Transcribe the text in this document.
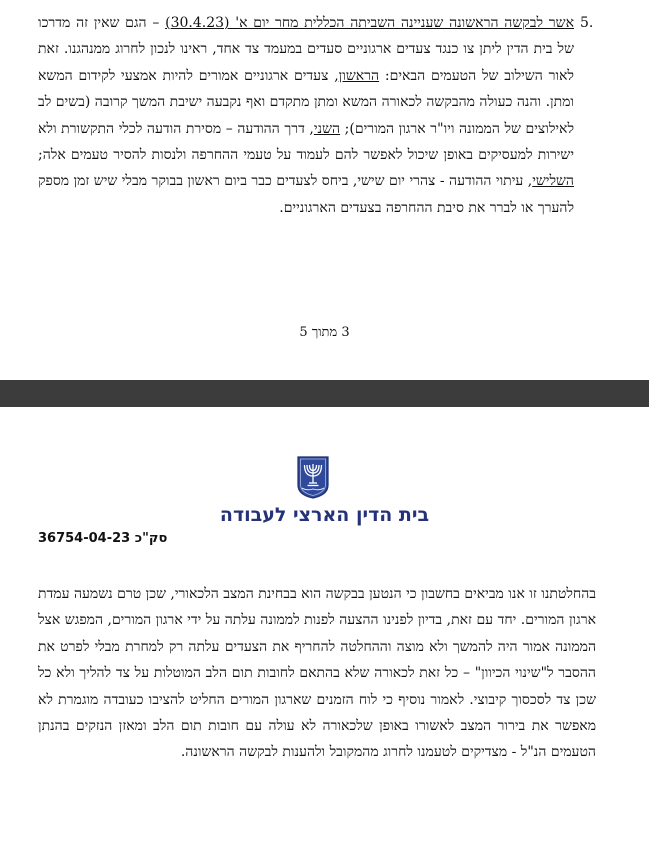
5.

אשר לבקשה הראשונה שעניינה השביתה הכללית מחר יום א' (30.4.23) – הגם שאין זה מדרכו של בית הדין ליתן צו כנגד צעדים ארגוניים סעדים במעמד צד אחד, ראינו לנכון לחרוג ממנהגנו. זאת לאור השילוב של הטעמים הבאים: הראשון, צעדים ארגוניים אמורים להיות אמצעי לקידום המשא ומתן. והנה כעולה מהבקשה לכאורה המשא ומתן מתקדם ואף נקבעה ישיבת המשך קרובה (בשים לב לאילוצים של הממונה ויו"ר ארגון המורים); השני, דרך ההודעה – מסירת הודעה לכלי התקשורת ולא ישירות למעסיקים באופן שיכול לאפשר להם לעמוד על טעמי ההחרפה ולנסות להסיר טעמים אלה; השלישי, עיתוי ההודעה - צהרי יום שישי, ביחס לצעדים כבר ביום ראשון בבוקר מבלי שיש זמן מספק להערך או לברר את סיבת ההחרפה בצעדים הארגוניים.

3 מתוך 5
בית הדין הארצי לעבודה
סק"כ 36754-04-23

בהחלטתנו זו אנו מביאים בחשבון כי הנטען בבקשה הוא בבחינת המצב הלכאורי, שכן טרם נשמעה עמדת ארגון המורים. יחד עם זאת, בדיון לפנינו ההצעה לפנות לממונה עלתה על ידי ארגון המורים, המפגש אצל הממונה אמור היה להמשך ולא מוצה וההחלטה להחריף את הצעדים עלתה רק למחרת מבלי לפרט את ההסבר ל"שינוי הכיוון" – כל זאת לכאורה שלא בהתאם לחובות תום הלב המוטלות על צד להליך ולא כל שכן צד לסכסוך קיבוצי. לאמור נוסיף כי לוח הזמנים שארגון המורים החליט להציבו כעובדה מוגמרת לא מאפשר את בירור המצב לאשורו באופן שלכאורה לא עולה עם חובות תום הלב ומאזן הנזקים בהנתן הטעמים הנ"ל - מצדיקים לטעמנו לחרוג מהמקובל ולהענות לבקשה הראשונה.
